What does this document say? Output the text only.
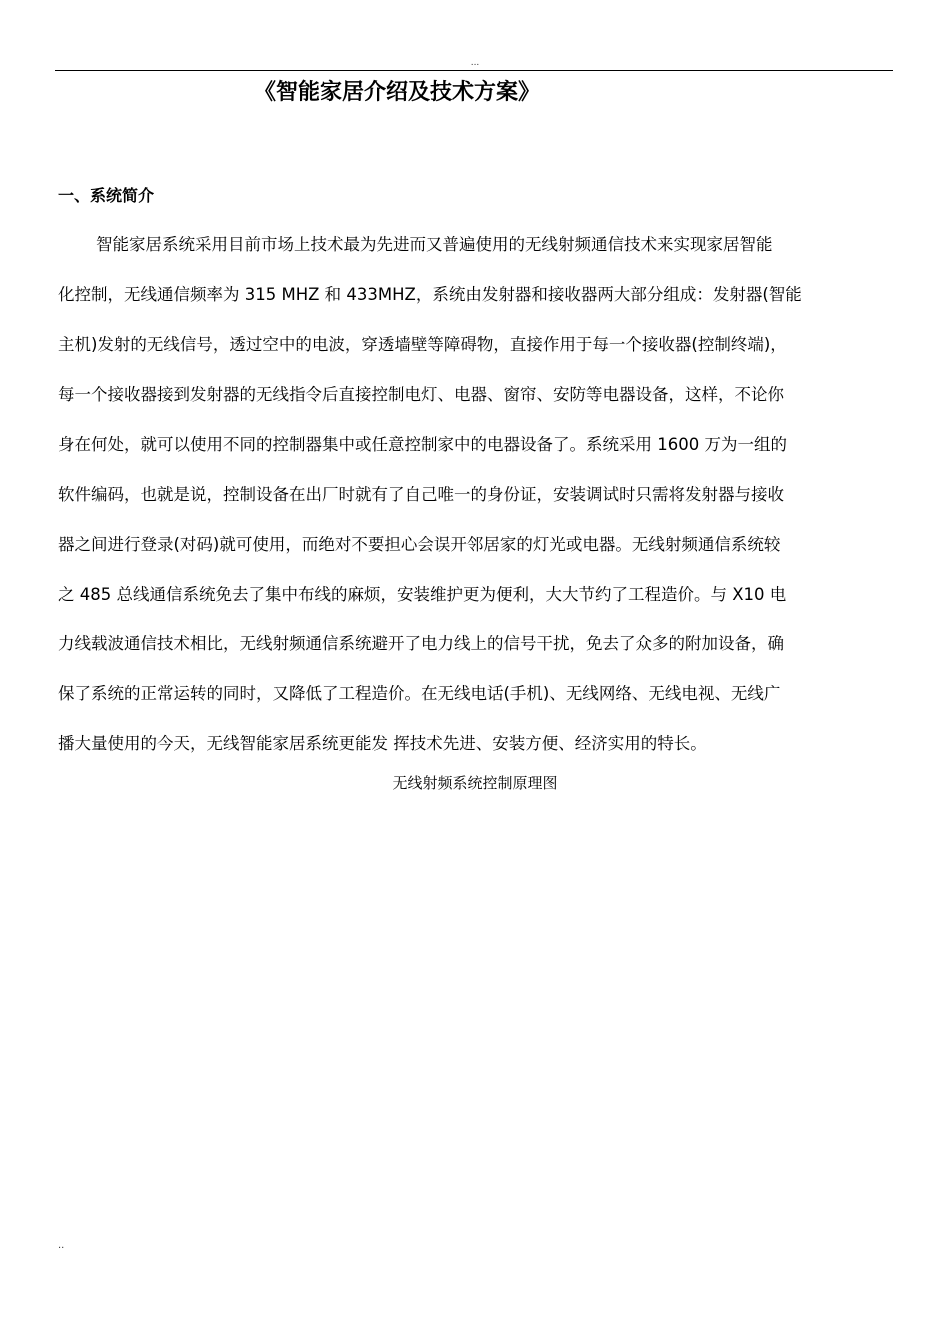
...
《智能家居介绍及技术方案》
一、系统简介
智能家居系统采用目前市场上技术最为先进而又普遍使用的无线射频通信技术来实现家居智能
化控制，无线通信频率为 315 MHZ 和 433MHZ，系统由发射器和接收器两大部分组成：发射器(智能
主机)发射的无线信号，透过空中的电波，穿透墙壁等障碍物，直接作用于每一个接收器(控制终端)，
每一个接收器接到发射器的无线指令后直接控制电灯、电器、窗帘、安防等电器设备，这样，不论你
身在何处，就可以使用不同的控制器集中或任意控制家中的电器设备了。系统采用 1600 万为一组的
软件编码，也就是说，控制设备在出厂时就有了自己唯一的身份证，安装调试时只需将发射器与接收
器之间进行登录(对码)就可使用，而绝对不要担心会误开邻居家的灯光或电器。无线射频通信系统较
之 485 总线通信系统免去了集中布线的麻烦，安装维护更为便利，大大节约了工程造价。与 X10 电
力线载波通信技术相比，无线射频通信系统避开了电力线上的信号干扰，免去了众多的附加设备，确
保了系统的正常运转的同时，又降低了工程造价。在无线电话(手机)、无线网络、无线电视、无线广
播大量使用的今天，无线智能家居系统更能发 挥技术先进、安装方便、经济实用的特长。
无线射频系统控制原理图
..
